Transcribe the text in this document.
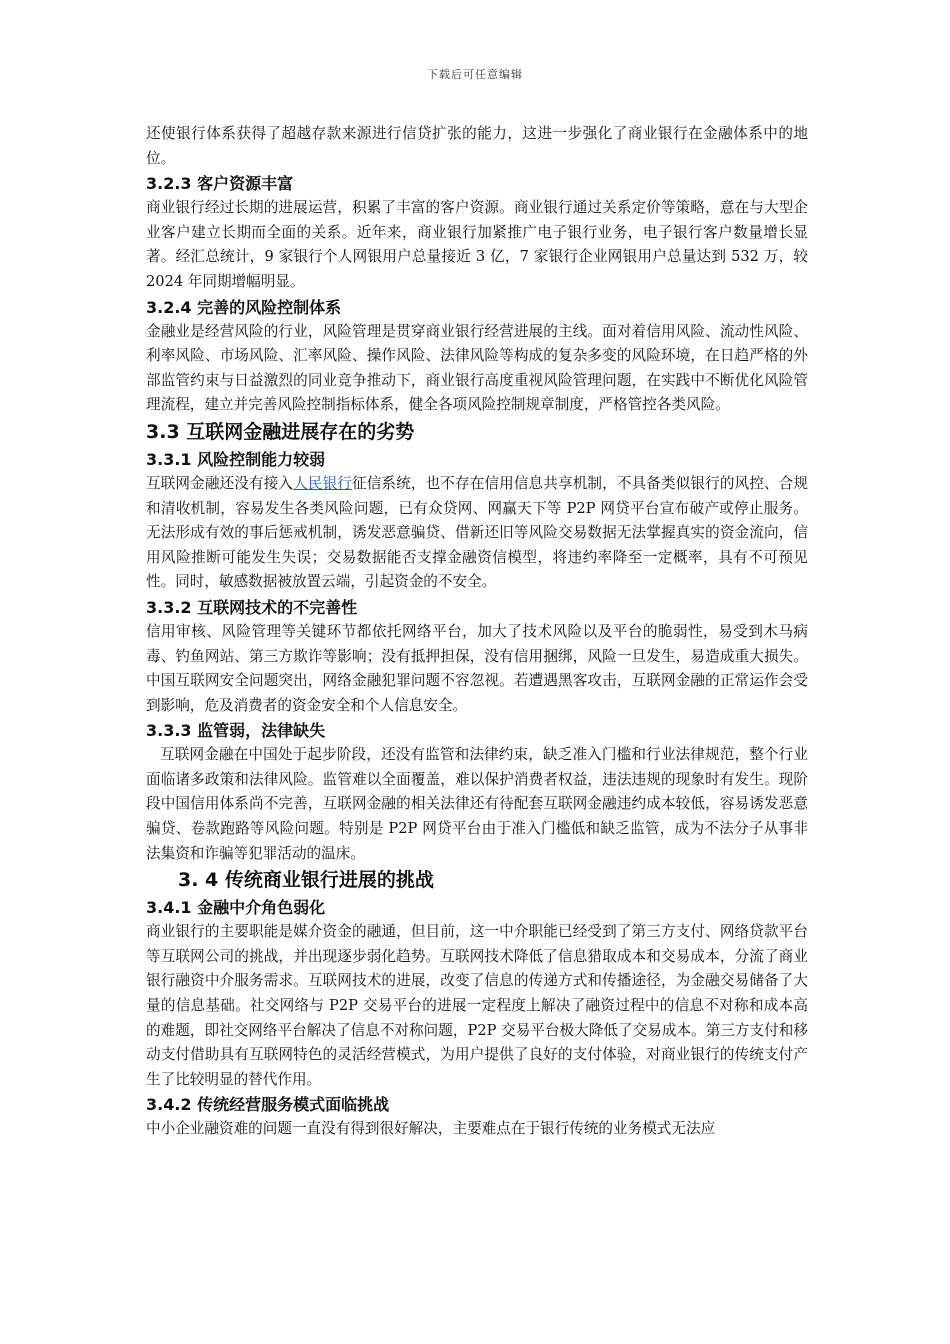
下载后可任意编辑

还使银行体系获得了超越存款来源进行信贷扩张的能力，这进一步强化了商业银行在金融体系中的地位。

3.2.3 客户资源丰富

商业银行经过长期的进展运营，积累了丰富的客户资源。商业银行通过关系定价等策略，意在与大型企业客户建立长期而全面的关系。近年来，商业银行加紧推广电子银行业务，电子银行客户数量增长显著。经汇总统计，9 家银行个人网银用户总量接近 3 亿，7 家银行企业网银用户总量达到 532 万，较 2024 年同期增幅明显。

3.2.4 完善的风险控制体系

金融业是经营风险的行业，风险管理是贯穿商业银行经营进展的主线。面对着信用风险、流动性风险、利率风险、市场风险、汇率风险、操作风险、法律风险等构成的复杂多变的风险环境，在日趋严格的外部监管约束与日益激烈的同业竞争推动下，商业银行高度重视风险管理问题，在实践中不断优化风险管理流程，建立并完善风险控制指标体系，健全各项风险控制规章制度，严格管控各类风险。

3.3 互联网金融进展存在的劣势
3.3.1 风险控制能力较弱

互联网金融还没有接入人民银行征信系统，也不存在信用信息共享机制，不具备类似银行的风控、合规和清收机制，容易发生各类风险问题，已有众贷网、网赢天下等 P2P 网贷平台宣布破产或停止服务。无法形成有效的事后惩戒机制，诱发恶意骗贷、借新还旧等风险交易数据无法掌握真实的资金流向，信用风险推断可能发生失误；交易数据能否支撑金融资信模型，将违约率降至一定概率，具有不可预见性。同时，敏感数据被放置云端，引起资金的不安全。

3.3.2 互联网技术的不完善性

信用审核、风险管理等关键环节都依托网络平台，加大了技术风险以及平台的脆弱性，易受到木马病毒、钓鱼网站、第三方欺诈等影响；没有抵押担保，没有信用捆绑，风险一旦发生，易造成重大损失。中国互联网安全问题突出，网络金融犯罪问题不容忽视。若遭遇黑客攻击，互联网金融的正常运作会受到影响，危及消费者的资金安全和个人信息安全。

3.3.3 监管弱，法律缺失

互联网金融在中国处于起步阶段，还没有监管和法律约束，缺乏准入门槛和行业法律规范，整个行业面临诸多政策和法律风险。监管难以全面覆盖，难以保护消费者权益，违法违规的现象时有发生。现阶段中国信用体系尚不完善，互联网金融的相关法律还有待配套互联网金融违约成本较低，容易诱发恶意骗贷、卷款跑路等风险问题。特别是 P2P 网贷平台由于准入门槛低和缺乏监管，成为不法分子从事非法集资和诈骗等犯罪活动的温床。

3. 4 传统商业银行进展的挑战
3.4.1 金融中介角色弱化

商业银行的主要职能是媒介资金的融通，但目前，这一中介职能已经受到了第三方支付、网络贷款平台等互联网公司的挑战，并出现逐步弱化趋势。互联网技术降低了信息猎取成本和交易成本，分流了商业银行融资中介服务需求。互联网技术的进展，改变了信息的传递方式和传播途径，为金融交易储备了大量的信息基础。社交网络与 P2P 交易平台的进展一定程度上解决了融资过程中的信息不对称和成本高的难题，即社交网络平台解决了信息不对称问题，P2P 交易平台极大降低了交易成本。第三方支付和移动支付借助具有互联网特色的灵活经营模式，为用户提供了良好的支付体验，对商业银行的传统支付产生了比较明显的替代作用。

3.4.2 传统经营服务模式面临挑战

中小企业融资难的问题一直没有得到很好解决，主要难点在于银行传统的业务模式无法应
